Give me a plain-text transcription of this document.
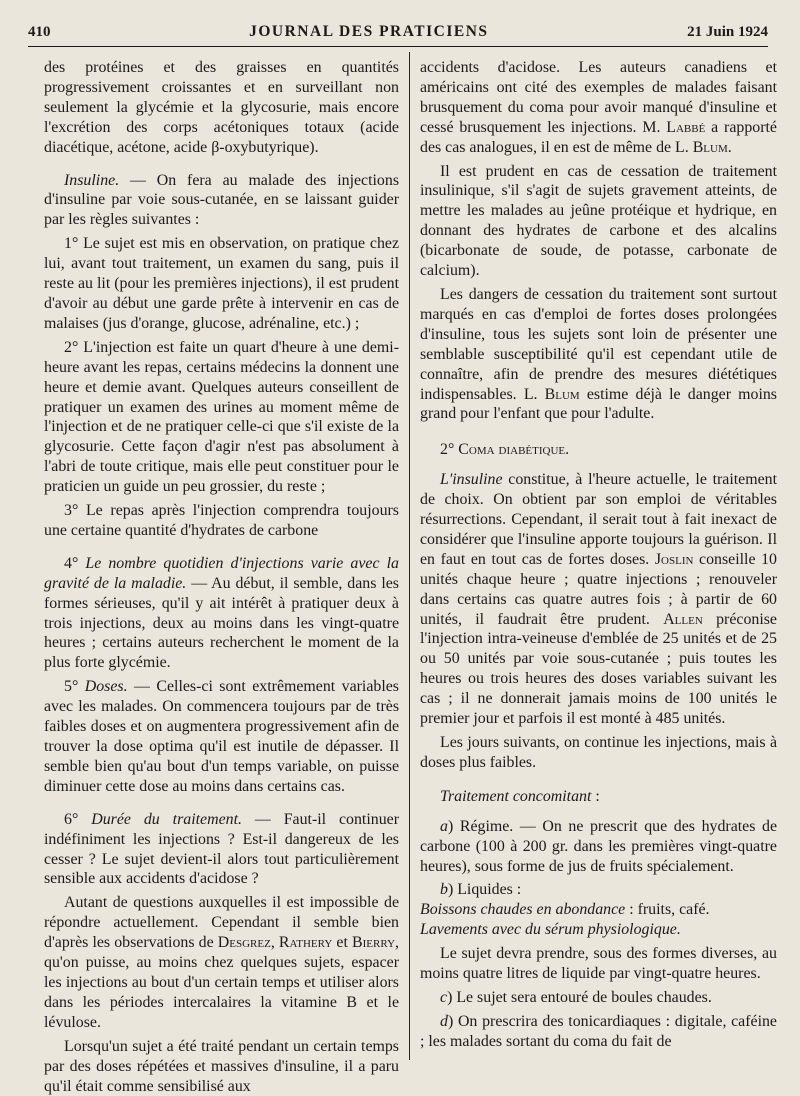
410	JOURNAL DES PRATICIENS	21 Juin 1924

des protéines et des graisses en quantités progressivement croissantes et en surveillant non seulement la glycémie et la glycosurie, mais encore l'excrétion des corps acétoniques totaux (acide diacétique, acétone, acide β-oxybutyrique).

Insuline. — On fera au malade des injections d'insuline par voie sous-cutanée, en se laissant guider par les règles suivantes :

1° Le sujet est mis en observation, on pratique chez lui, avant tout traitement, un examen du sang, puis il reste au lit (pour les premières injections), il est prudent d'avoir au début une garde prête à intervenir en cas de malaises (jus d'orange, glucose, adrénaline, etc.) ;

2° L'injection est faite un quart d'heure à une demi-heure avant les repas, certains médecins la donnent une heure et demie avant. Quelques auteurs conseillent de pratiquer un examen des urines au moment même de l'injection et de ne pratiquer celle-ci que s'il existe de la glycosurie. Cette façon d'agir n'est pas absolument à l'abri de toute critique, mais elle peut constituer pour le praticien un guide un peu grossier, du reste ;

3° Le repas après l'injection comprendra toujours une certaine quantité d'hydrates de carbone

4° Le nombre quotidien d'injections varie avec la gravité de la maladie. — Au début, il semble, dans les formes sérieuses, qu'il y ait intérêt à pratiquer deux à trois injections, deux au moins dans les vingt-quatre heures ; certains auteurs recherchent le moment de la plus forte glycémie.

5° Doses. — Celles-ci sont extrêmement variables avec les malades. On commencera toujours par de très faibles doses et on augmentera progressivement afin de trouver la dose optima qu'il est inutile de dépasser. Il semble bien qu'au bout d'un temps variable, on puisse diminuer cette dose au moins dans certains cas.

6° Durée du traitement. — Faut-il continuer indéfiniment les injections ? Est-il dangereux de les cesser ? Le sujet devient-il alors tout particulièrement sensible aux accidents d'acidose ?

Autant de questions auxquelles il est impossible de répondre actuellement. Cependant il semble bien d'après les observations de Desgrez, Rathery et Bierry, qu'on puisse, au moins chez quelques sujets, espacer les injections au bout d'un certain temps et utiliser alors dans les périodes intercalaires la vitamine B et le lévulose.

Lorsqu'un sujet a été traité pendant un certain temps par des doses répétées et massives d'insuline, il a paru qu'il était comme sensibilisé aux

accidents d'acidose. Les auteurs canadiens et américains ont cité des exemples de malades faisant brusquement du coma pour avoir manqué d'insuline et cessé brusquement les injections. M. Labbé a rapporté des cas analogues, il en est de même de L. Blum.

Il est prudent en cas de cessation de traitement insulinique, s'il s'agit de sujets gravement atteints, de mettre les malades au jeûne protéique et hydrique, en donnant des hydrates de carbone et des alcalins (bicarbonate de soude, de potasse, carbonate de calcium).

Les dangers de cessation du traitement sont surtout marqués en cas d'emploi de fortes doses prolongées d'insuline, tous les sujets sont loin de présenter une semblable susceptibilité qu'il est cependant utile de connaître, afin de prendre des mesures diététiques indispensables. L. Blum estime déjà le danger moins grand pour l'enfant que pour l'adulte.

2° Coma diabétique.

L'insuline constitue, à l'heure actuelle, le traitement de choix. On obtient par son emploi de véritables résurrections. Cependant, il serait tout à fait inexact de considérer que l'insuline apporte toujours la guérison. Il en faut en tout cas de fortes doses. Joslin conseille 10 unités chaque heure ; quatre injections ; renouveler dans certains cas quatre autres fois ; à partir de 60 unités, il faudrait être prudent. Allen préconise l'injection intra-veineuse d'emblée de 25 unités et de 25 ou 50 unités par voie sous-cutanée ; puis toutes les heures ou trois heures des doses variables suivant les cas ; il ne donnerait jamais moins de 100 unités le premier jour et parfois il est monté à 485 unités.

Les jours suivants, on continue les injections, mais à doses plus faibles.

Traitement concomitant :

a) Régime. — On ne prescrit que des hydrates de carbone (100 à 200 gr. dans les premières vingt-quatre heures), sous forme de jus de fruits spécialement.

b) Liquides :
Boissons chaudes en abondance : fruits, café.
Lavements avec du sérum physiologique.

Le sujet devra prendre, sous des formes diverses, au moins quatre litres de liquide par vingt-quatre heures.

c) Le sujet sera entouré de boules chaudes.

d) On prescrira des tonicardiaques : digitale, caféine ; les malades sortant du coma du fait de
